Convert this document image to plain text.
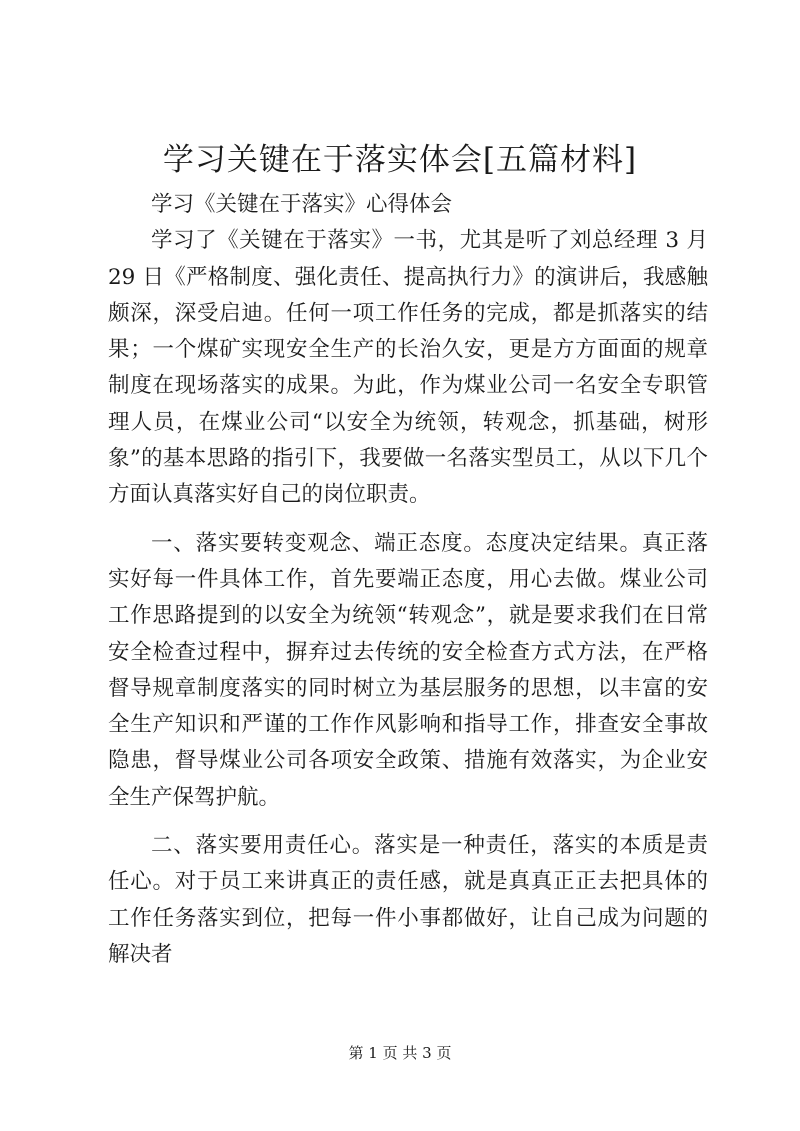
学习关键在于落实体会[五篇材料]

学习《关键在于落实》心得体会

学习了《关键在于落实》一书，尤其是听了刘总经理 3 月 29 日《严格制度、强化责任、提高执行力》的演讲后，我感触颇深，深受启迪。任何一项工作任务的完成，都是抓落实的结果；一个煤矿实现安全生产的长治久安，更是方方面面的规章制度在现场落实的成果。为此，作为煤业公司一名安全专职管理人员，在煤业公司“以安全为统领，转观念，抓基础，树形象”的基本思路的指引下，我要做一名落实型员工，从以下几个方面认真落实好自己的岗位职责。

一、落实要转变观念、端正态度。态度决定结果。真正落实好每一件具体工作，首先要端正态度，用心去做。煤业公司工作思路提到的以安全为统领“转观念”，就是要求我们在日常安全检查过程中，摒弃过去传统的安全检查方式方法，在严格督导规章制度落实的同时树立为基层服务的思想，以丰富的安全生产知识和严谨的工作作风影响和指导工作，排查安全事故隐患，督导煤业公司各项安全政策、措施有效落实，为企业安全生产保驾护航。

二、落实要用责任心。落实是一种责任，落实的本质是责任心。对于员工来讲真正的责任感，就是真真正正去把具体的工作任务落实到位，把每一件小事都做好，让自己成为问题的解决者

第 1 页 共 3 页
